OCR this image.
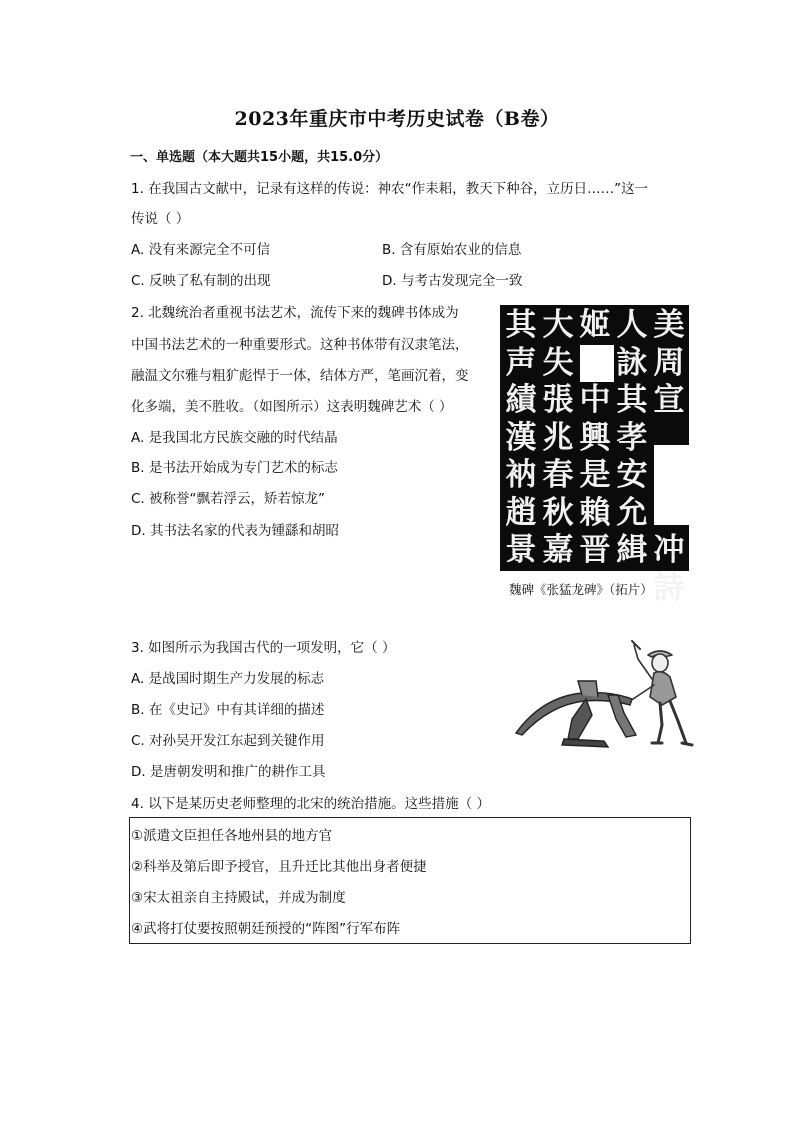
2023年重庆市中考历史试卷（B卷）
一、单选题（本大题共15小题，共15.0分）
1. 在我国古文献中，记录有这样的传说：神农“作耒耜，教天下种谷，立历日……”这一
传说（ ）
A. 没有来源完全不可信	B. 含有原始农业的信息
C. 反映了私有制的出现	D. 与考古发现完全一致
2. 北魏统治者重视书法艺术，流传下来的魏碑书体成为
中国书法艺术的一种重要形式。这种书体带有汉隶笔法，
融温文尔雅与粗犷彪悍于一体，结体方严，笔画沉着，变
化多端，美不胜收。（如图所示）这表明魏碑艺术（ ）
A. 是我国北方民族交融的时代结晶
B. 是书法开始成为专门艺术的标志
C. 被称誉“飘若浮云，矫若惊龙”
D. 其书法名家的代表为锺繇和胡昭
其
声
績
漢
衲
趙
景
大
失
張
兆
春
秋
嘉
姬

中
興
是
賴
晋
人
詠
其
孝
安
允
緝
美
周
宣

冲
詩
魏碑《张猛龙碑》（拓片）
3. 如图所示为我国古代的一项发明，它（ ）
A. 是战国时期生产力发展的标志
B. 在《史记》中有其详细的描述
C. 对孙吴开发江东起到关键作用
D. 是唐朝发明和推广的耕作工具
4. 以下是某历史老师整理的北宋的统治措施。这些措施（ ）
①派遣文臣担任各地州县的地方官
②科举及第后即予授官，且升迁比其他出身者便捷
③宋太祖亲自主持殿试，并成为制度
④武将打仗要按照朝廷预授的“阵图”行军布阵
